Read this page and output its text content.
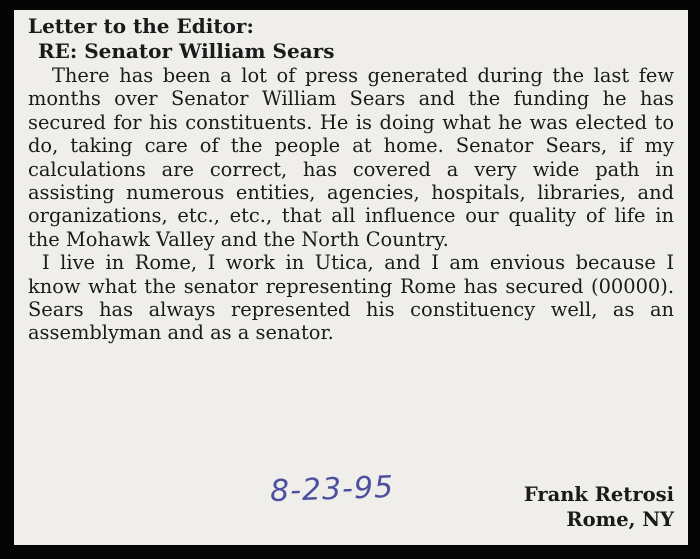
Letter to the Editor:
RE: Senator William Sears

There has been a lot of press generated during the last few months over Senator William Sears and the funding he has secured for his constituents. He is doing what he was elected to do, taking care of the people at home. Senator Sears, if my calculations are correct, has covered a very wide path in assisting numerous entities, agencies, hospitals, libraries, and organizations, etc., etc., that all influence our quality of life in the Mohawk Valley and the North Country.

I live in Rome, I work in Utica, and I am envious because I know what the senator representing Rome has secured (00000). Sears has always represented his constituency well, as an assemblyman and as a senator.

8-23-95	Frank Retrosi
Rome, NY
